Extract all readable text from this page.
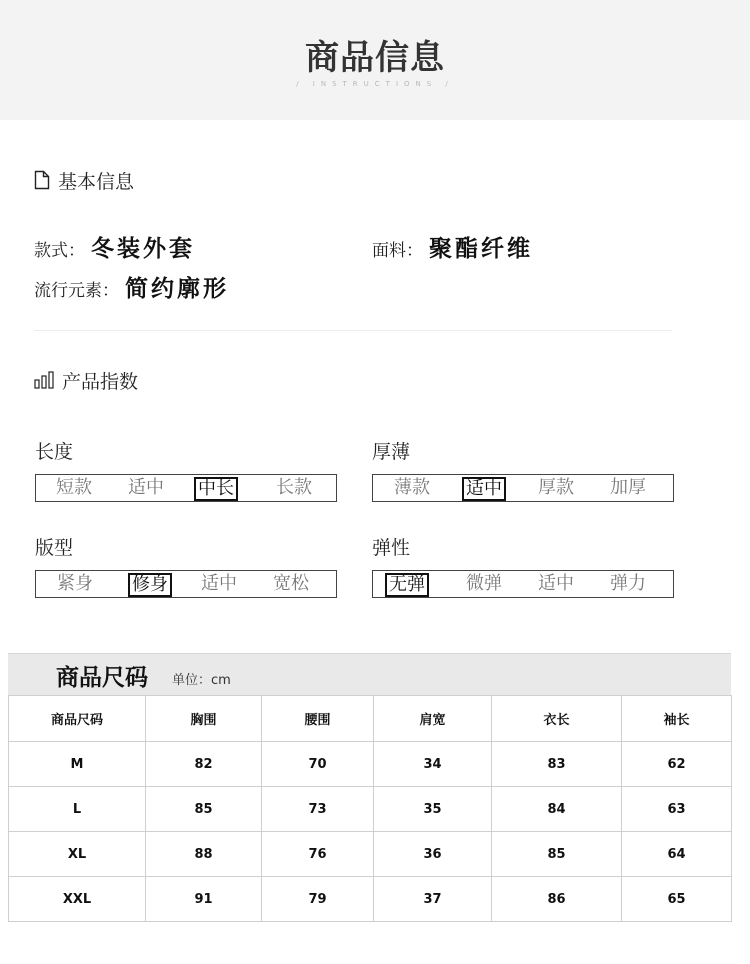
商品信息
/ INSTRUCTIONS /
基本信息
款式： 冬装外套	面料： 聚酯纤维
流行元素： 简约廓形
产品指数
长度
短款 适中 中长 长款
厚薄
薄款 适中 厚款 加厚
版型
紧身 修身 适中 宽松
弹性
无弹 微弹 适中 弹力
商品尺码 单位：cm
商品尺码	胸围	腰围	肩宽	衣长	袖长
M	82	70	34	83	62
L	85	73	35	84	63
XL	88	76	36	85	64
XXL	91	79	37	86	65
